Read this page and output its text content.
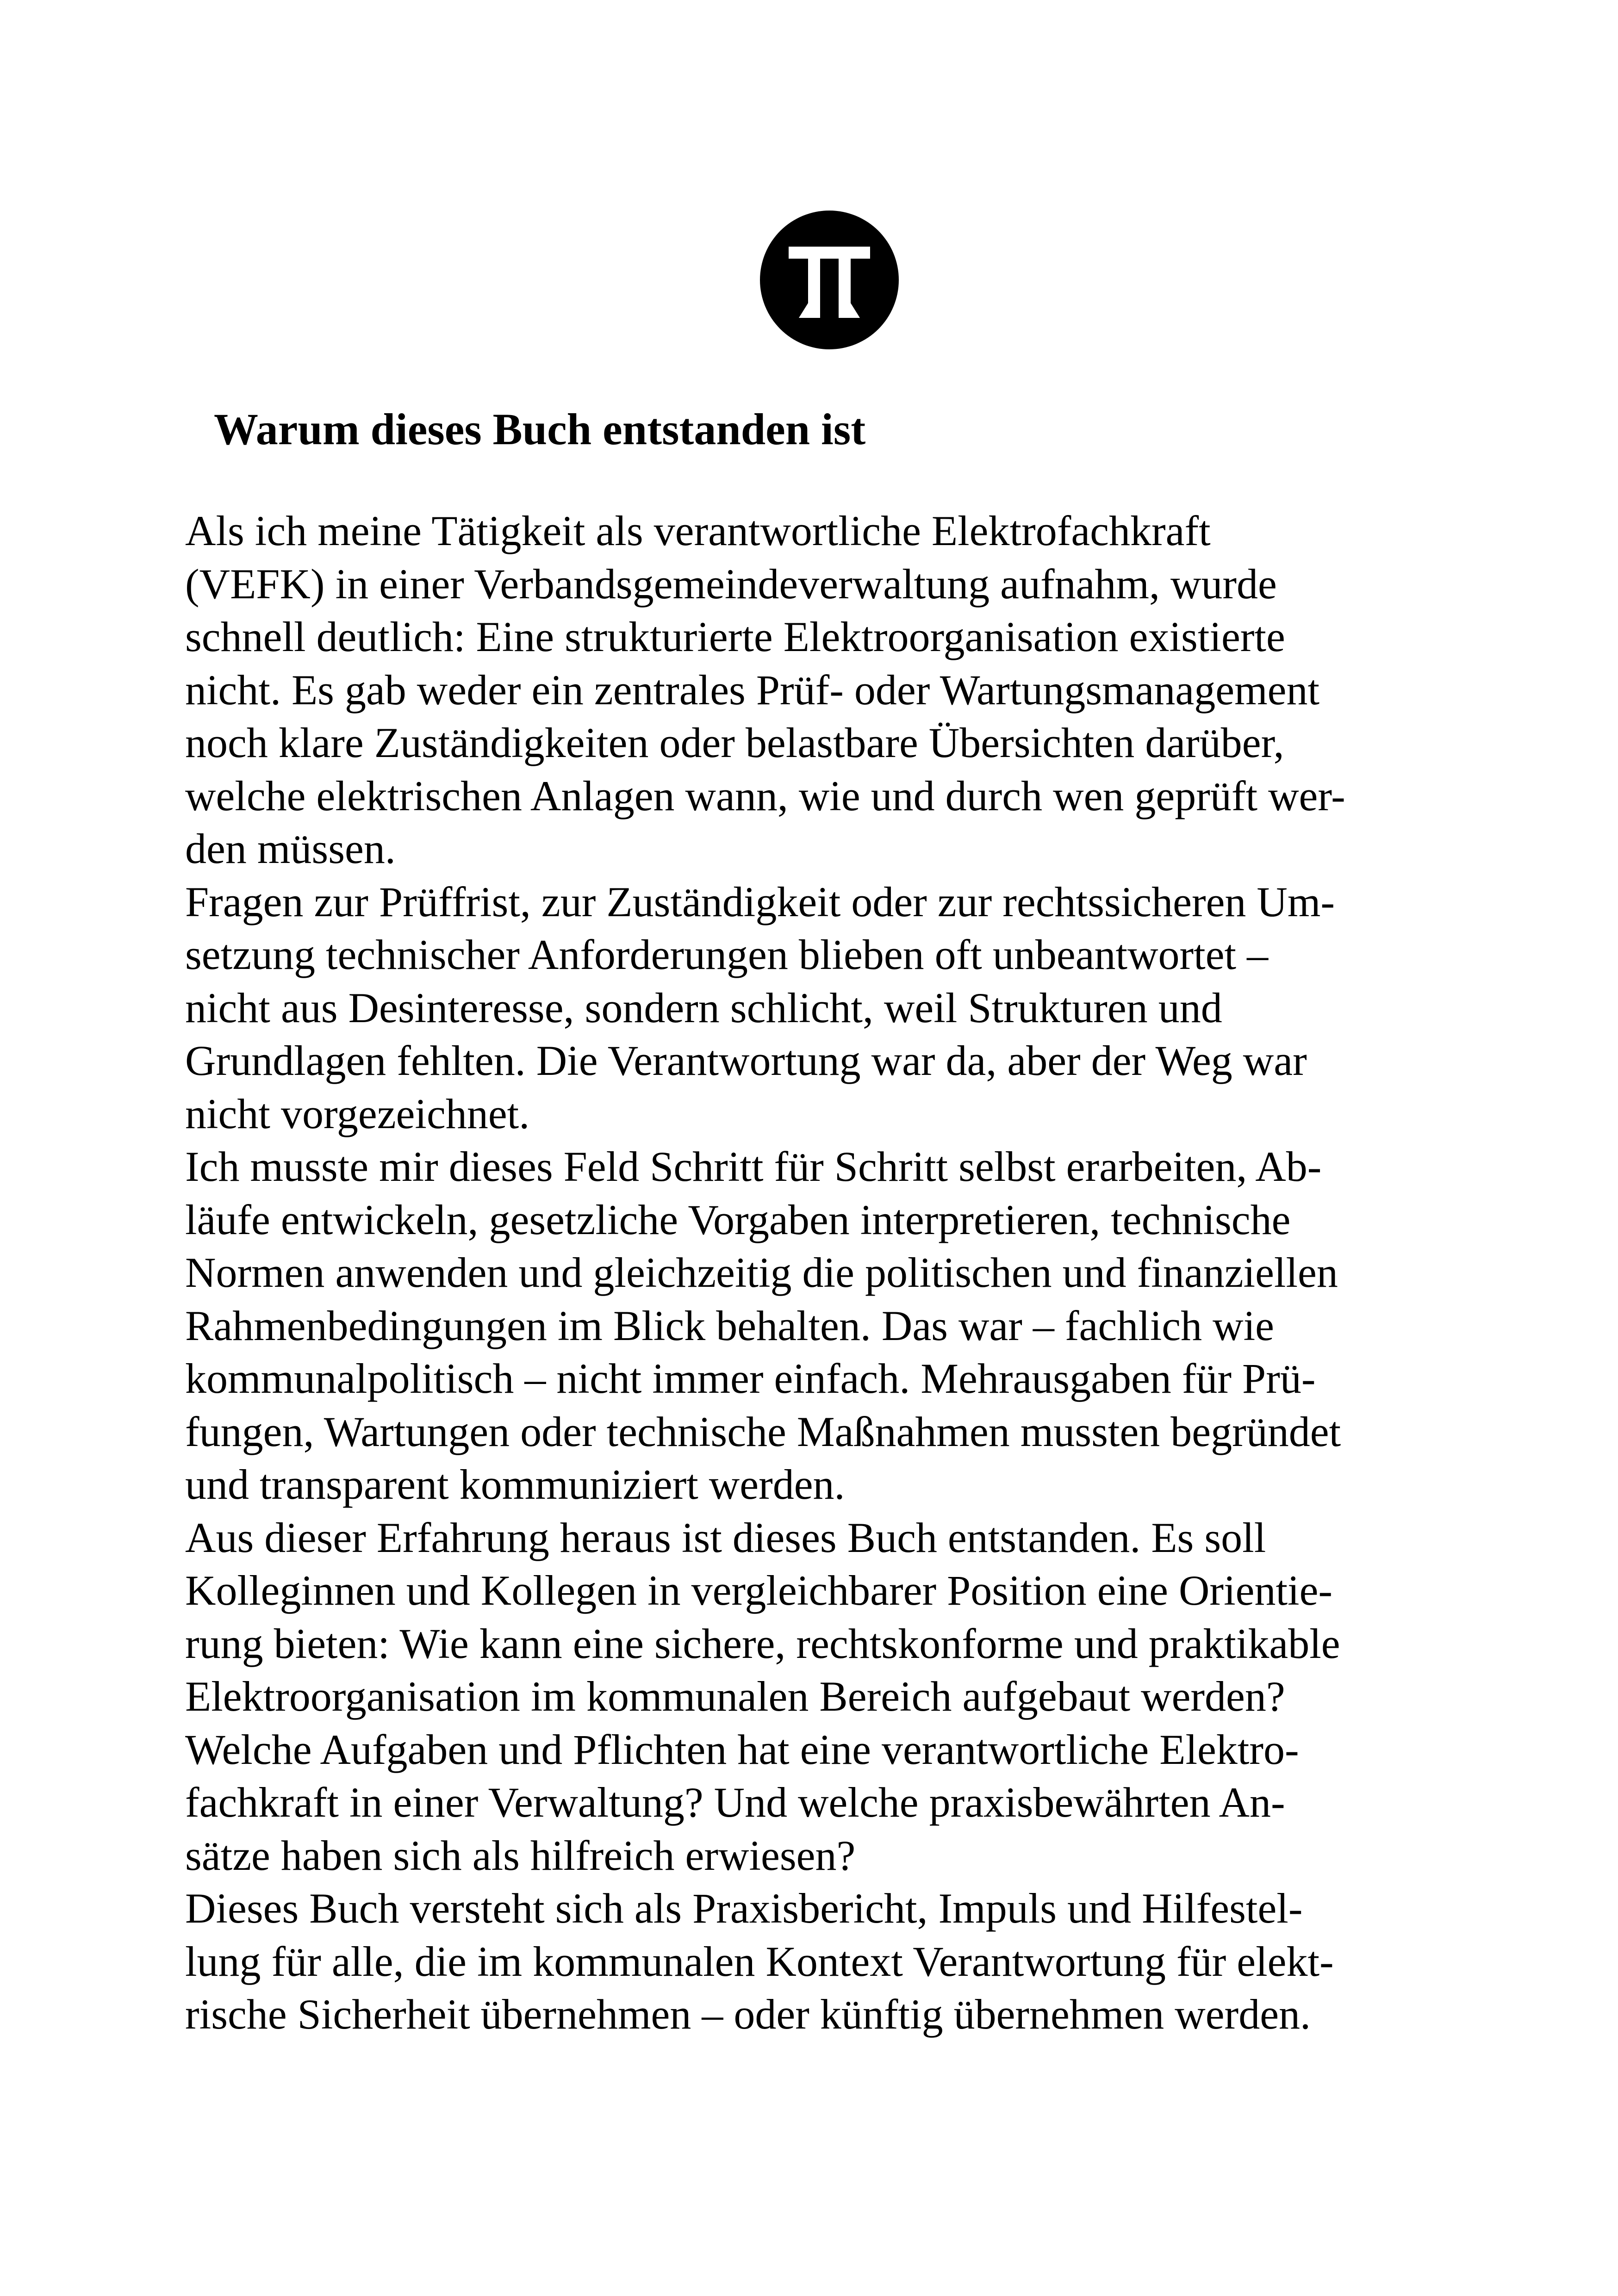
Warum dieses Buch entstanden ist
Als ich meine Tätigkeit als verantwortliche Elektrofachkraft
(VEFK) in einer Verbandsgemeindeverwaltung aufnahm, wurde
schnell deutlich: Eine strukturierte Elektroorganisation existierte
nicht. Es gab weder ein zentrales Prüf- oder Wartungsmanagement
noch klare Zuständigkeiten oder belastbare Übersichten darüber,
welche elektrischen Anlagen wann, wie und durch wen geprüft wer-
den müssen.
Fragen zur Prüffrist, zur Zuständigkeit oder zur rechtssicheren Um-
setzung technischer Anforderungen blieben oft unbeantwortet –
nicht aus Desinteresse, sondern schlicht, weil Strukturen und
Grundlagen fehlten. Die Verantwortung war da, aber der Weg war
nicht vorgezeichnet.
Ich musste mir dieses Feld Schritt für Schritt selbst erarbeiten, Ab-
läufe entwickeln, gesetzliche Vorgaben interpretieren, technische
Normen anwenden und gleichzeitig die politischen und finanziellen
Rahmenbedingungen im Blick behalten. Das war – fachlich wie
kommunalpolitisch – nicht immer einfach. Mehrausgaben für Prü-
fungen, Wartungen oder technische Maßnahmen mussten begründet
und transparent kommuniziert werden.
Aus dieser Erfahrung heraus ist dieses Buch entstanden. Es soll
Kolleginnen und Kollegen in vergleichbarer Position eine Orientie-
rung bieten: Wie kann eine sichere, rechtskonforme und praktikable
Elektroorganisation im kommunalen Bereich aufgebaut werden?
Welche Aufgaben und Pflichten hat eine verantwortliche Elektro-
fachkraft in einer Verwaltung? Und welche praxisbewährten An-
sätze haben sich als hilfreich erwiesen?
Dieses Buch versteht sich als Praxisbericht, Impuls und Hilfestel-
lung für alle, die im kommunalen Kontext Verantwortung für elekt-
rische Sicherheit übernehmen – oder künftig übernehmen werden.
